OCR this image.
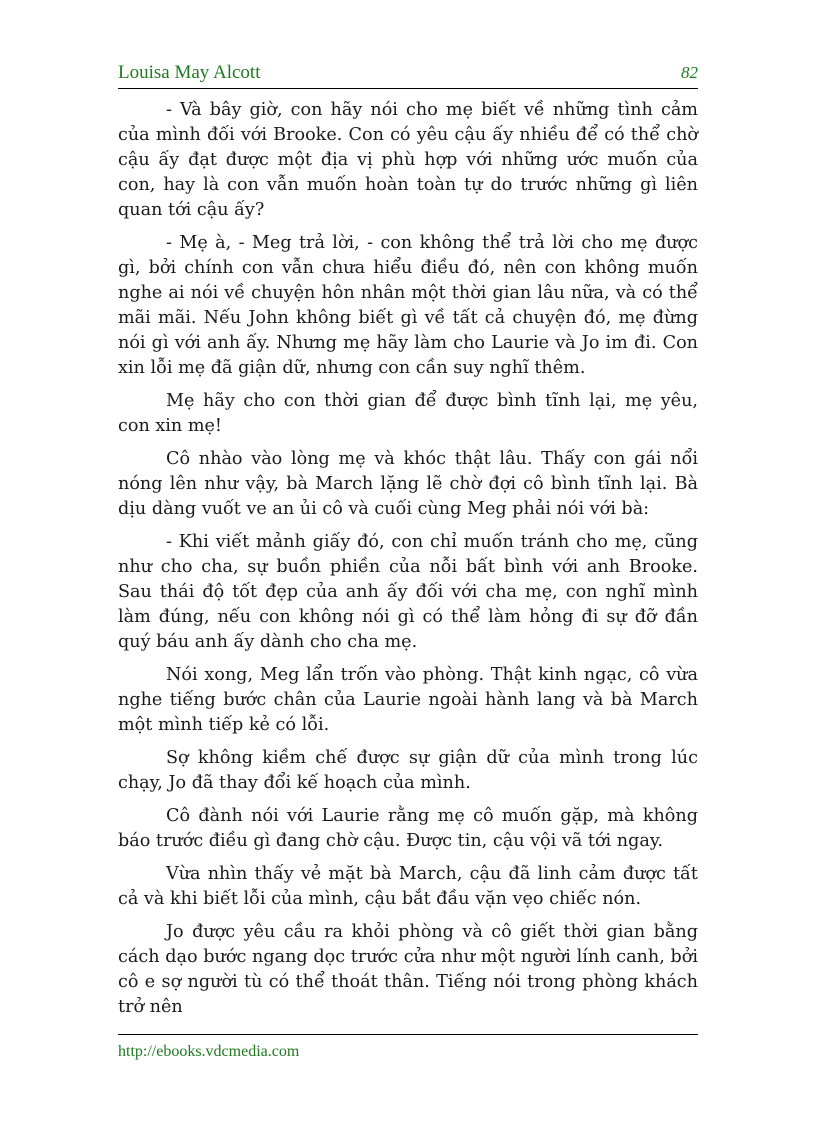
Louisa May Alcott	82

- Và bây giờ, con hãy nói cho mẹ biết về những tình cảm của mình đối với Brooke. Con có yêu cậu ấy nhiều để có thể chờ cậu ấy đạt được một địa vị phù hợp với những ước muốn của con, hay là con vẫn muốn hoàn toàn tự do trước những gì liên quan tới cậu ấy?

- Mẹ à, - Meg trả lời, - con không thể trả lời cho mẹ được gì, bởi chính con vẫn chưa hiểu điều đó, nên con không muốn nghe ai nói về chuyện hôn nhân một thời gian lâu nữa, và có thể mãi mãi. Nếu John không biết gì về tất cả chuyện đó, mẹ đừng nói gì với anh ấy. Nhưng mẹ hãy làm cho Laurie và Jo im đi. Con xin lỗi mẹ đã giận dữ, nhưng con cần suy nghĩ thêm.

Mẹ hãy cho con thời gian để được bình tĩnh lại, mẹ yêu, con xin mẹ!

Cô nhào vào lòng mẹ và khóc thật lâu. Thấy con gái nổi nóng lên như vậy, bà March lặng lẽ chờ đợi cô bình tĩnh lại. Bà dịu dàng vuốt ve an ủi cô và cuối cùng Meg phải nói với bà:

- Khi viết mảnh giấy đó, con chỉ muốn tránh cho mẹ, cũng như cho cha, sự buồn phiền của nỗi bất bình với anh Brooke. Sau thái độ tốt đẹp của anh ấy đối với cha mẹ, con nghĩ mình làm đúng, nếu con không nói gì có thể làm hỏng đi sự đỡ đần quý báu anh ấy dành cho cha mẹ.

Nói xong, Meg lẩn trốn vào phòng. Thật kinh ngạc, cô vừa nghe tiếng bước chân của Laurie ngoài hành lang và bà March một mình tiếp kẻ có lỗi.

Sợ không kiềm chế được sự giận dữ của mình trong lúc chạy, Jo đã thay đổi kế hoạch của mình.

Cô đành nói với Laurie rằng mẹ cô muốn gặp, mà không báo trước điều gì đang chờ cậu. Được tin, cậu vội vã tới ngay.

Vừa nhìn thấy vẻ mặt bà March, cậu đã linh cảm được tất cả và khi biết lỗi của mình, cậu bắt đầu vặn vẹo chiếc nón.

Jo được yêu cầu ra khỏi phòng và cô giết thời gian bằng cách dạo bước ngang dọc trước cửa như một người lính canh, bởi cô e sợ người tù có thể thoát thân. Tiếng nói trong phòng khách trở nên

http://ebooks.vdcmedia.com
